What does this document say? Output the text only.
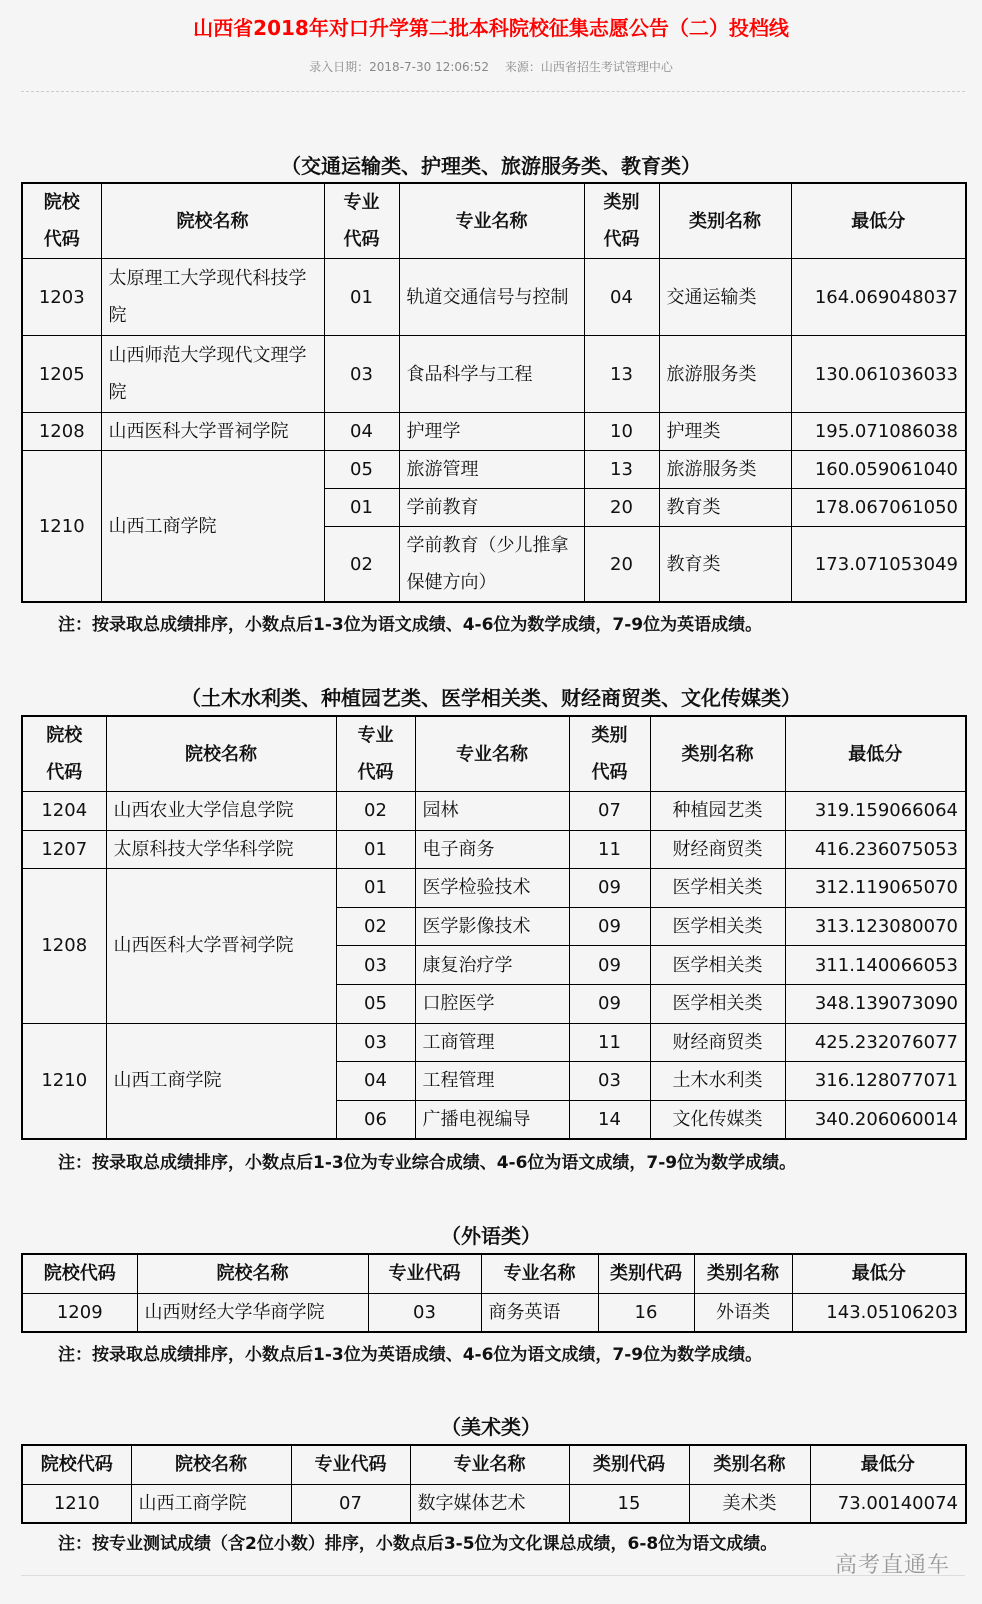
山西省2018年对口升学第二批本科院校征集志愿公告（二）投档线
录入日期：2018-7-30 12:06:52 来源：山西省招生考试管理中心
（交通运输类、护理类、旅游服务类、教育类）
院校代码	院校名称	专业代码	专业名称	类别代码	类别名称	最低分
1203	太原理工大学现代科技学院	01	轨道交通信号与控制	04	交通运输类	164.069048037
1205	山西师范大学现代文理学院	03	食品科学与工程	13	旅游服务类	130.061036033
1208	山西医科大学晋祠学院	04	护理学	10	护理类	195.071086038
1210	山西工商学院	05	旅游管理	13	旅游服务类	160.059061040
		01	学前教育	20	教育类	178.067061050
		02	学前教育（少儿推拿保健方向）	20	教育类	173.071053049
注：按录取总成绩排序，小数点后1-3位为语文成绩、4-6位为数学成绩，7-9位为英语成绩。
（土木水利类、种植园艺类、医学相关类、财经商贸类、文化传媒类）
院校代码	院校名称	专业代码	专业名称	类别代码	类别名称	最低分
1204	山西农业大学信息学院	02	园林	07	种植园艺类	319.159066064
1207	太原科技大学华科学院	01	电子商务	11	财经商贸类	416.236075053
1208	山西医科大学晋祠学院	01	医学检验技术	09	医学相关类	312.119065070
		02	医学影像技术	09	医学相关类	313.123080070
		03	康复治疗学	09	医学相关类	311.140066053
		05	口腔医学	09	医学相关类	348.139073090
1210	山西工商学院	03	工商管理	11	财经商贸类	425.232076077
		04	工程管理	03	土木水利类	316.128077071
		06	广播电视编导	14	文化传媒类	340.206060014
注：按录取总成绩排序，小数点后1-3位为专业综合成绩、4-6位为语文成绩，7-9位为数学成绩。
（外语类）
院校代码	院校名称	专业代码	专业名称	类别代码	类别名称	最低分
1209	山西财经大学华商学院	03	商务英语	16	外语类	143.05106203
注：按录取总成绩排序，小数点后1-3位为英语成绩、4-6位为语文成绩，7-9位为数学成绩。
（美术类）
院校代码	院校名称	专业代码	专业名称	类别代码	类别名称	最低分
1210	山西工商学院	07	数字媒体艺术	15	美术类	73.00140074
注：按专业测试成绩（含2位小数）排序，小数点后3-5位为文化课总成绩，6-8位为语文成绩。
高考直通车
